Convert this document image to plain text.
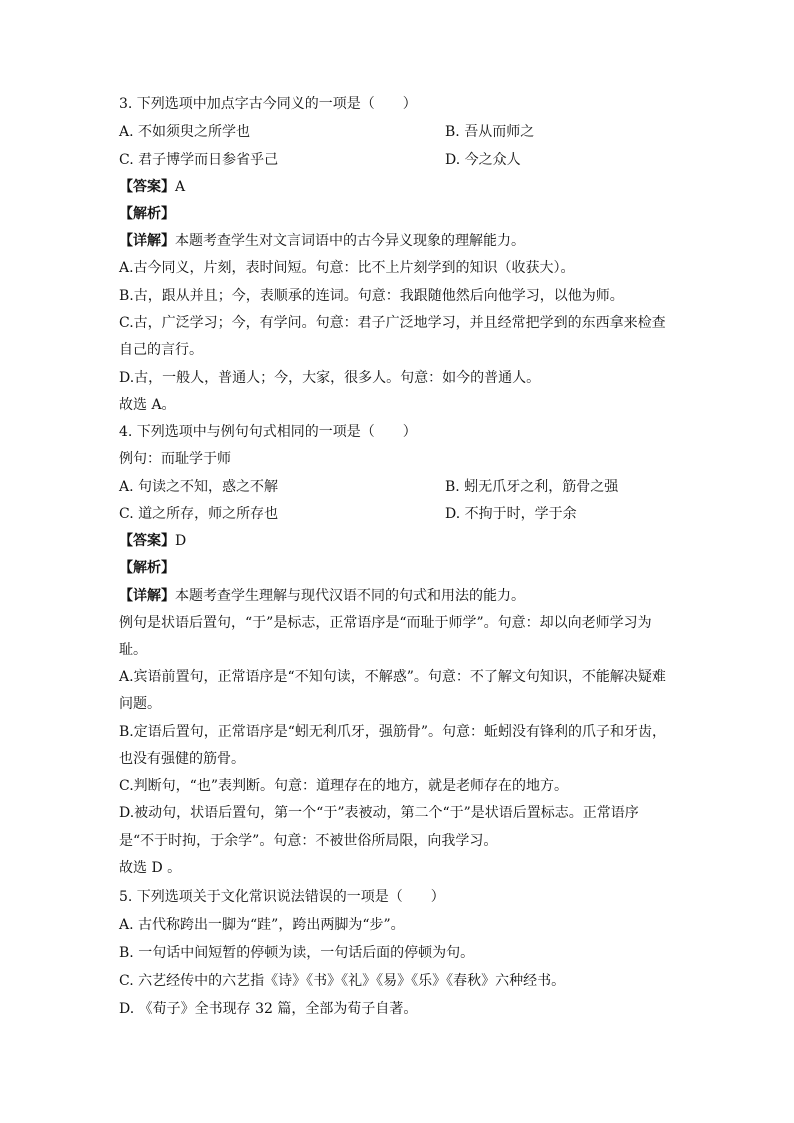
3. 下列选项中加点字古今同义的一项是（　　）
A. 不如须臾之所学也	B. 吾从而师之
C. 君子博学而日参省乎己	D. 今之众人
【答案】A
【解析】
【详解】本题考查学生对文言词语中的古今异义现象的理解能力。
A.古今同义，片刻，表时间短。句意：比不上片刻学到的知识（收获大）。
B.古，跟从并且；今，表顺承的连词。句意：我跟随他然后向他学习，以他为师。
C.古，广泛学习；今，有学问。句意：君子广泛地学习，并且经常把学到的东西拿来检查
自己的言行。
D.古，一般人，普通人；今，大家，很多人。句意：如今的普通人。
故选 A。
4. 下列选项中与例句句式相同的一项是（　　）
例句：而耻学于师
A. 句读之不知，惑之不解	B. 蚓无爪牙之利，筋骨之强
C. 道之所存，师之所存也	D. 不拘于时，学于余
【答案】D
【解析】
【详解】本题考查学生理解与现代汉语不同的句式和用法的能力。
例句是状语后置句，“于”是标志，正常语序是“而耻于师学”。句意：却以向老师学习为
耻。
A.宾语前置句，正常语序是“不知句读，不解惑”。句意：不了解文句知识，不能解决疑难
问题。
B.定语后置句，正常语序是“蚓无利爪牙，强筋骨”。句意：蚯蚓没有锋利的爪子和牙齿，
也没有强健的筋骨。
C.判断句，“也”表判断。句意：道理存在的地方，就是老师存在的地方。
D.被动句，状语后置句，第一个“于”表被动，第二个“于”是状语后置标志。正常语序
是“不于时拘，于余学”。句意：不被世俗所局限，向我学习。
故选 D 。
5. 下列选项关于文化常识说法错误的一项是（　　）
A. 古代称跨出一脚为“跬”，跨出两脚为“步”。
B. 一句话中间短暂的停顿为读，一句话后面的停顿为句。
C. 六艺经传中的六艺指《诗》《书》《礼》《易》《乐》《春秋》六种经书。
D. 《荀子》全书现存 32 篇，全部为荀子自著。
